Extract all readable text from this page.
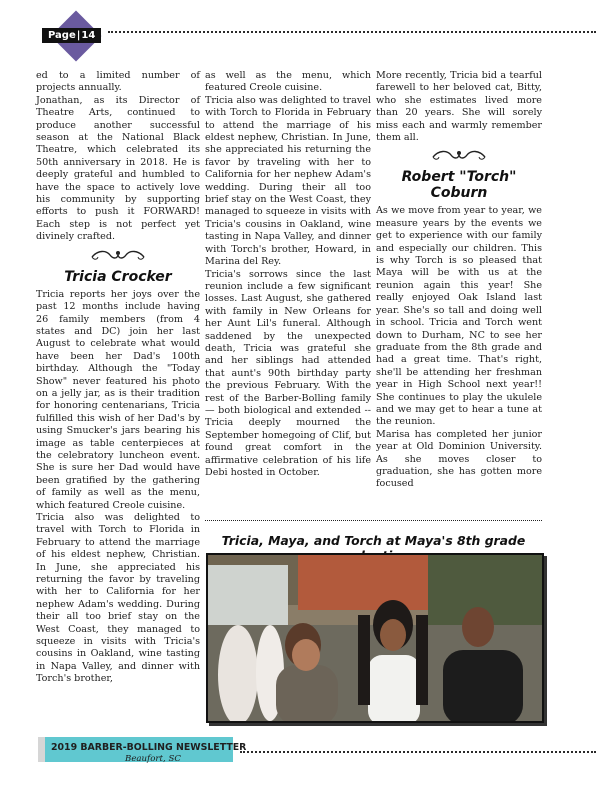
Page | 14

ed to a limited number of projects annually.

Jonathan, as its Director of Theatre Arts, continued to produce another successful season at the National Black Theatre, which celebrated its 50th anniversary in 2018. He is deeply grateful and humbled to have the space to actively love his community by supporting efforts to push it FORWARD! Each step is not perfect yet divinely crafted.

Tricia Crocker

Tricia reports her joys over the past 12 months include having 26 family members (from 4 states and DC) join her last August to celebrate what would have been her Dad's 100th birthday. Although the "Today Show" never featured his photo on a jelly jar, as is their tradition for honoring centenarians, Tricia fulfilled this wish of her Dad's by using Smucker's jars bearing his image as table centerpieces at the celebratory luncheon event. She is sure her Dad would have been gratified by the gathering of family as well as the menu, which featured Creole cuisine.

Tricia also was delighted to travel with Torch to Florida in February to attend the marriage of his eldest nephew, Christian. In June, she appreciated his returning the favor by traveling with her to California for her nephew Adam's wedding. During their all too brief stay on the West Coast, they managed to squeeze in visits with Tricia's cousins in Oakland, wine tasting in Napa Valley, and dinner with Torch's brother,

as well as the menu, which featured Creole cuisine.

Tricia also was delighted to travel with Torch to Florida in February to attend the marriage of his eldest nephew, Christian. In June, she appreciated his returning the favor by traveling with her to California for her nephew Adam's wedding. During their all too brief stay on the West Coast, they managed to squeeze in visits with Tricia's cousins in Oakland, wine tasting in Napa Valley, and dinner with Torch's brother, Howard, in Marina del Rey.

Tricia's sorrows since the last reunion include a few significant losses. Last August, she gathered with family in New Orleans for her Aunt Lil's funeral. Although saddened by the unexpected death, Tricia was grateful she and her siblings had attended that aunt's 90th birthday party the previous February. With the rest of the Barber-Bolling family — both biological and extended -- Tricia deeply mourned the September homegoing of Clif, but found great comfort in the affirmative celebration of his life Debi hosted in October.

More recently, Tricia bid a tearful farewell to her beloved cat, Bitty, who she estimates lived more than 20 years. She will sorely miss each and warmly remember them all.

Robert "Torch" Coburn

As we move from year to year, we measure years by the events we get to experience with our family and especially our children. This is why Torch is so pleased that Maya will be with us at the reunion again this year! She really enjoyed Oak Island last year. She's so tall and doing well in school. Tricia and Torch went down to Durham, NC to see her graduate from the 8th grade and had a great time. That's right, she'll be attending her freshman year in High School next year!! She continues to play the ukulele and we may get to hear a tune at the reunion.

Marisa has completed her junior year at Old Dominion University. As she moves closer to graduation, she has gotten more focused

Tricia, Maya, and Torch at Maya's 8th grade
2019 BARBER-BOLLING NEWSLETTER
Beaufort, SC
